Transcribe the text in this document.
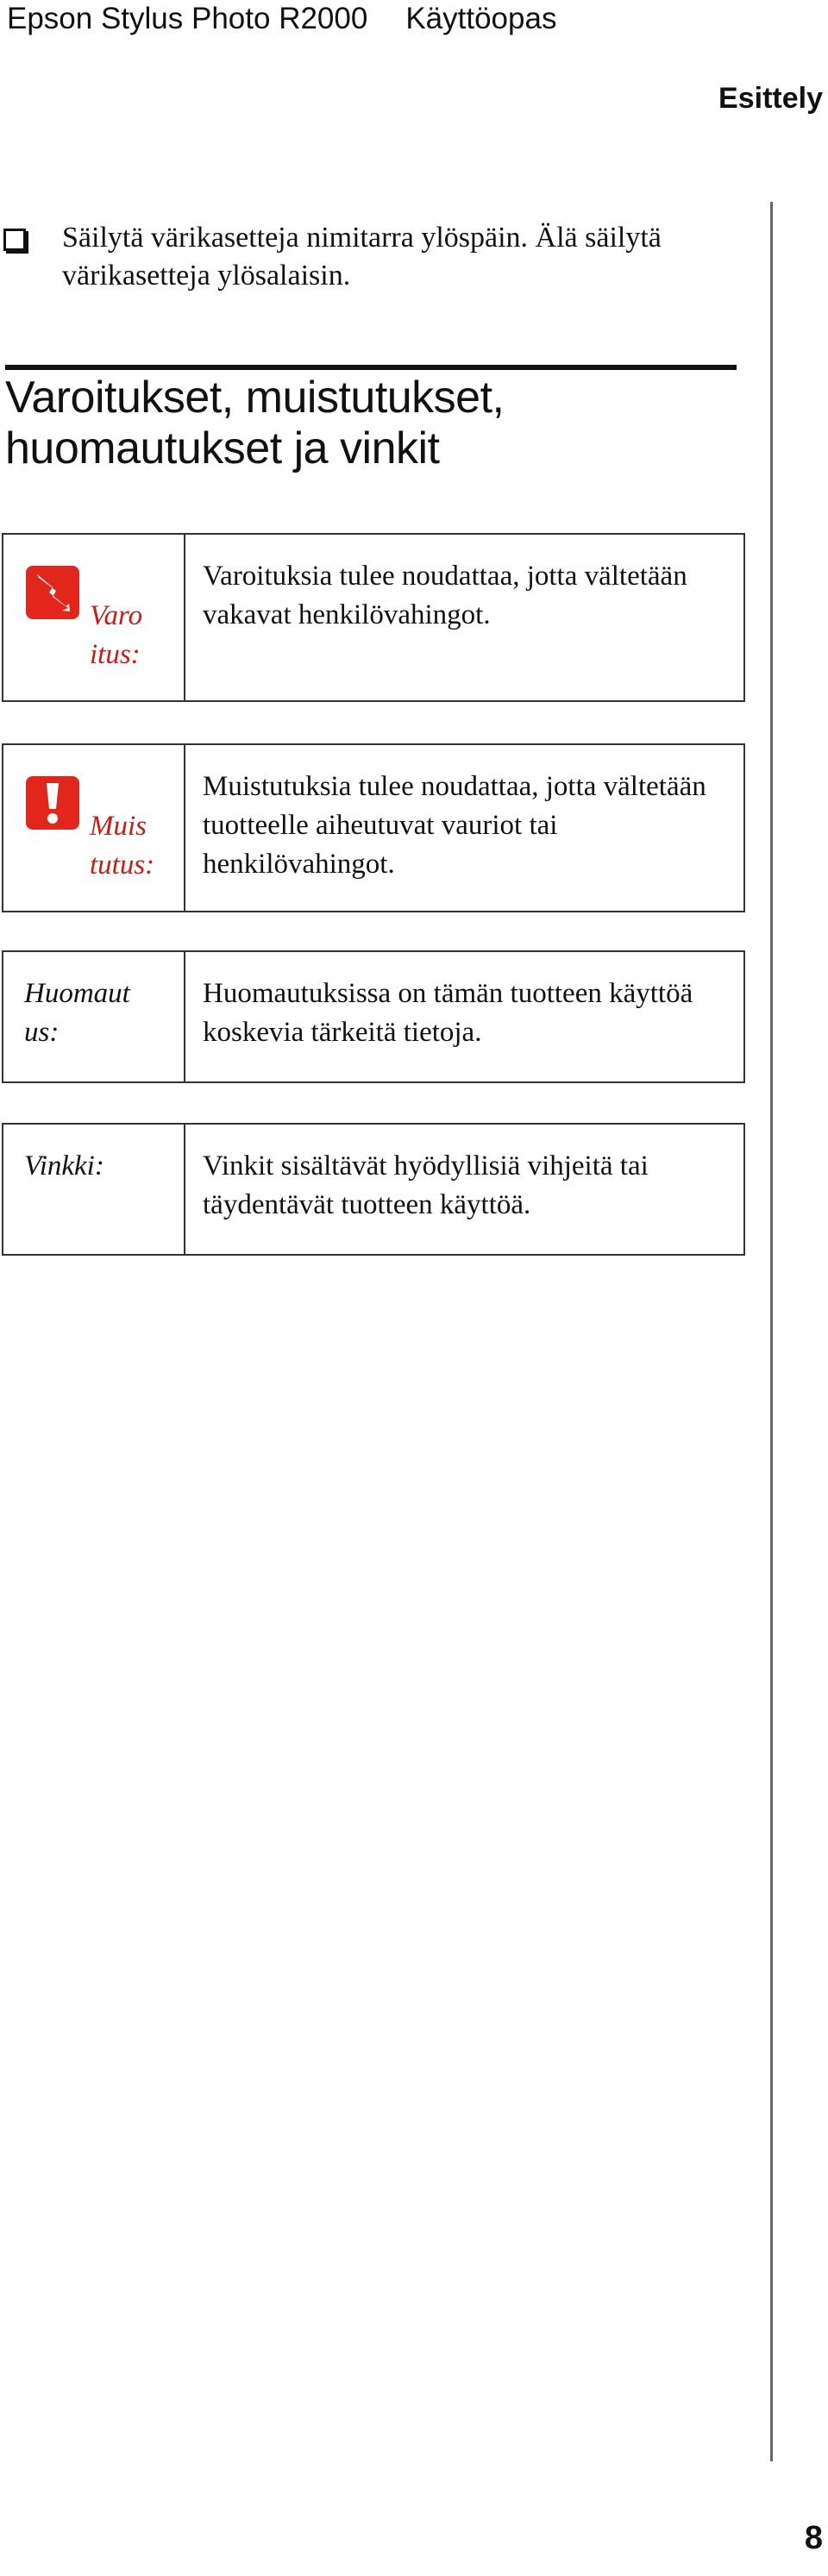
Epson Stylus Photo R2000 Käyttöopas
Esittely
Säilytä värikasetteja nimitarra ylöspäin. Älä säilytä värikasetteja ylösalaisin.
Varoitukset, muistutukset, huomautukset ja vinkit
Varo
itus:
Varoituksia tulee noudattaa, jotta vältetään vakavat henkilövahingot.
Muis
tutus:
Muistutuksia tulee noudattaa, jotta vältetään tuotteelle aiheutuvat vauriot tai henkilövahingot.
Huomaut
us:
Huomautuksissa on tämän tuotteen käyttöä koskevia tärkeitä tietoja.
Vinkki:	Vinkit sisältävät hyödyllisiä vihjeitä tai täydentävät tuotteen käyttöä.
8
